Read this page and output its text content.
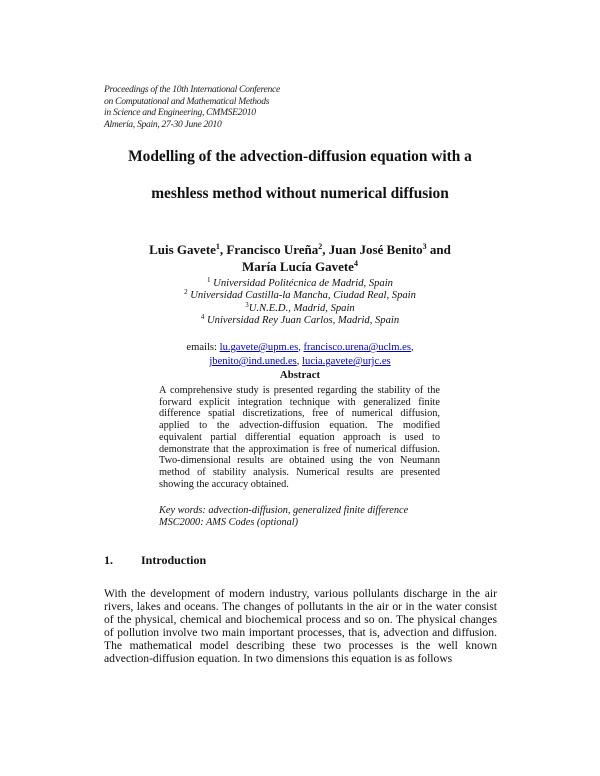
Proceedings of the 10th International Conference
on Computational and Mathematical Methods
in Science and Engineering, CMMSE2010
Almería, Spain, 27-30 June 2010
Modelling of the advection-diffusion equation with a
meshless method without numerical diffusion
Luis Gavete$^1$, Francisco Ureña$^2$, Juan José Benito$^3$ and
María Lucía Gavete$^4$
$^1$ Universidad Politécnica de Madrid, Spain
$^2$ Universidad Castilla-la Mancha, Ciudad Real, Spain
$^3$U.N.E.D., Madrid, Spain
$^4$ Universidad Rey Juan Carlos, Madrid, Spain
emails: lu.gavete@upm.es, francisco.urena@uclm.es,
jbenito@ind.uned.es, lucia.gavete@urjc.es
Abstract
A comprehensive study is presented regarding the stability of the forward explicit integration technique with generalized finite difference spatial discretizations, free of numerical diffusion, applied to the advection-diffusion equation. The modified equivalent partial differential equation approach is used to demonstrate that the approximation is free of numerical diffusion. Two-dimensional results are obtained using the von Neumann method of stability analysis. Numerical results are presented showing the accuracy obtained.
Key words: advection-diffusion, generalized finite difference
MSC2000: AMS Codes (optional)
1. Introduction
With the development of modern industry, various pollulants discharge in the air rivers, lakes and oceans. The changes of pollutants in the air or in the water consist of the physical, chemical and biochemical process and so on. The physical changes of pollution involve two main important processes, that is, advection and diffusion. The mathematical model describing these two processes is the well known advection-diffusion equation. In two dimensions this equation is as follows
